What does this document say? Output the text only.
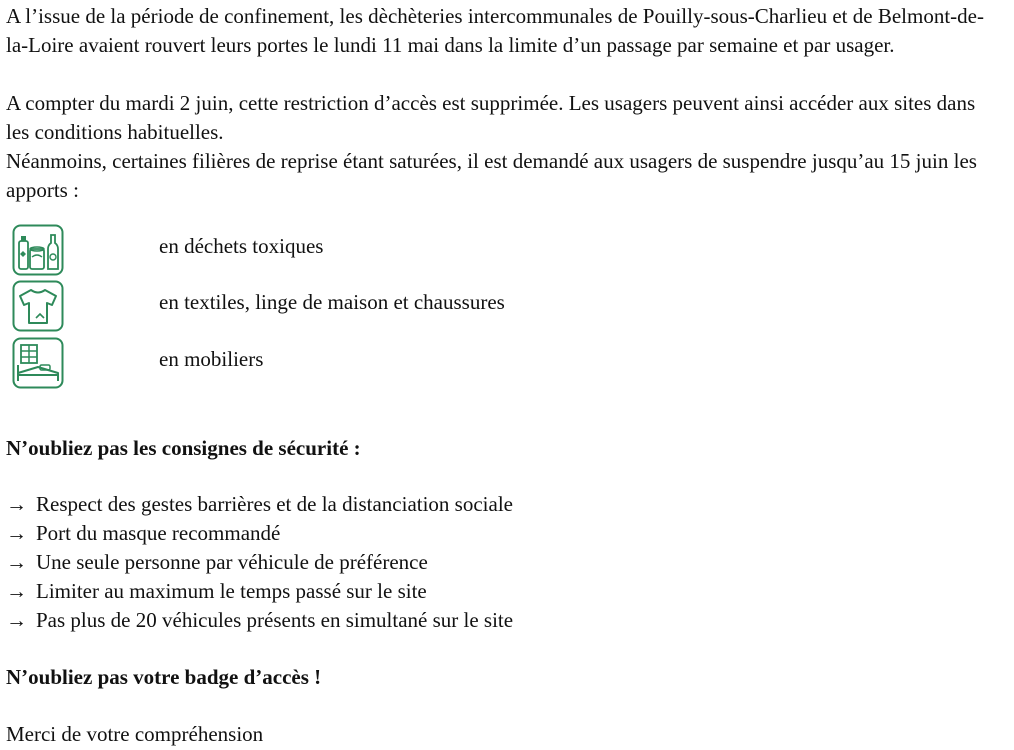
A l’issue de la période de confinement, les dèchèteries intercommunales de Pouilly-sous-Charlieu et de Belmont-de-la-Loire avaient rouvert leurs portes le lundi 11 mai dans la limite d’un passage par semaine et par usager.

A compter du mardi 2 juin, cette restriction d’accès est supprimée. Les usagers peuvent ainsi accéder aux sites dans les conditions habituelles.

Néanmoins, certaines filières de reprise étant saturées, il est demandé aux usagers de suspendre jusqu’au 15 juin les apports :

en déchets toxiques
en textiles, linge de maison et chaussures
en mobiliers
N’oubliez pas les consignes de sécurité :
→ Respect des gestes barrières et de la distanciation sociale
→ Port du masque recommandé
→ Une seule personne par véhicule de préférence
→ Limiter au maximum le temps passé sur le site
→ Pas plus de 20 véhicules présents en simultané sur le site
N’oubliez pas votre badge d’accès !
Merci de votre compréhension
